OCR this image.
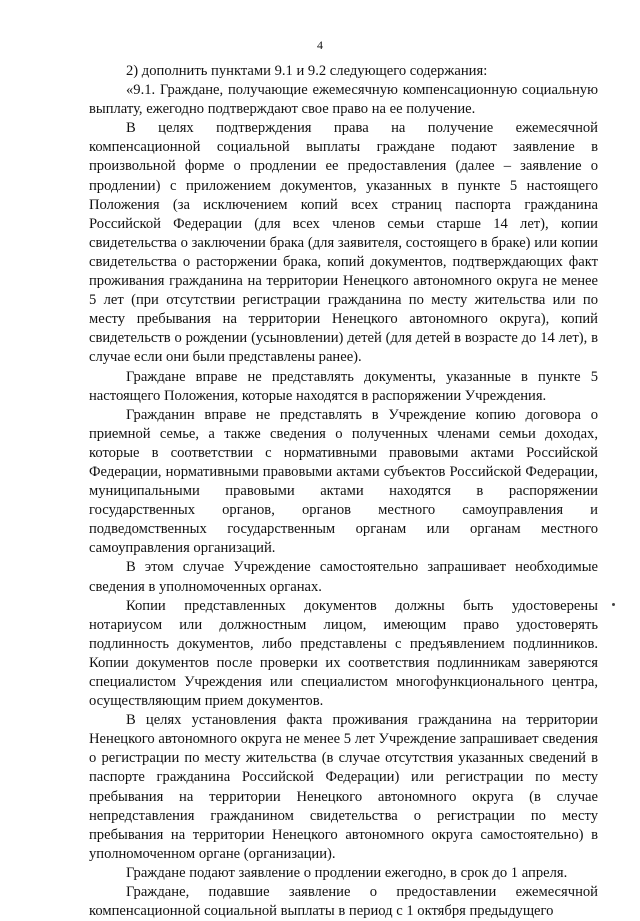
4

2) дополнить пунктами 9.1 и 9.2 следующего содержания:

«9.1. Граждане, получающие ежемесячную компенсационную социальную выплату, ежегодно подтверждают свое право на ее получение.

В целях подтверждения права на получение ежемесячной компенсационной социальной выплаты граждане подают заявление в произвольной форме о продлении ее предоставления (далее – заявление о продлении) с приложением документов, указанных в пункте 5 настоящего Положения (за исключением копий всех страниц паспорта гражданина Российской Федерации (для всех членов семьи старше 14 лет), копии свидетельства о заключении брака (для заявителя, состоящего в браке) или копии свидетельства о расторжении брака, копий документов, подтверждающих факт проживания гражданина на территории Ненецкого автономного округа не менее 5 лет (при отсутствии регистрации гражданина по месту жительства или по месту пребывания на территории Ненецкого автономного округа), копий свидетельств о рождении (усыновлении) детей (для детей в возрасте до 14 лет), в случае если они были представлены ранее).

Граждане вправе не представлять документы, указанные в пункте 5 настоящего Положения, которые находятся в распоряжении Учреждения.

Гражданин вправе не представлять в Учреждение копию договора о приемной семье, а также сведения о полученных членами семьи доходах, которые в соответствии с нормативными правовыми актами Российской Федерации, нормативными правовыми актами субъектов Российской Федерации, муниципальными правовыми актами находятся в распоряжении государственных органов, органов местного самоуправления и подведомственных государственным органам или органам местного самоуправления организаций.

В этом случае Учреждение самостоятельно запрашивает необходимые сведения в уполномоченных органах.

Копии представленных документов должны быть удостоверены нотариусом или должностным лицом, имеющим право удостоверять подлинность документов, либо представлены с предъявлением подлинников. Копии документов после проверки их соответствия подлинникам заверяются специалистом Учреждения или специалистом многофункционального центра, осуществляющим прием документов.

В целях установления факта проживания гражданина на территории Ненецкого автономного округа не менее 5 лет Учреждение запрашивает сведения о регистрации по месту жительства (в случае отсутствия указанных сведений в паспорте гражданина Российской Федерации) или регистрации по месту пребывания на территории Ненецкого автономного округа (в случае непредставления гражданином свидетельства о регистрации по месту пребывания на территории Ненецкого автономного округа самостоятельно) в уполномоченном органе (организации).

Граждане подают заявление о продлении ежегодно, в срок до 1 апреля.

Граждане, подавшие заявление о предоставлении ежемесячной компенсационной социальной выплаты в период с 1 октября предыдущего
